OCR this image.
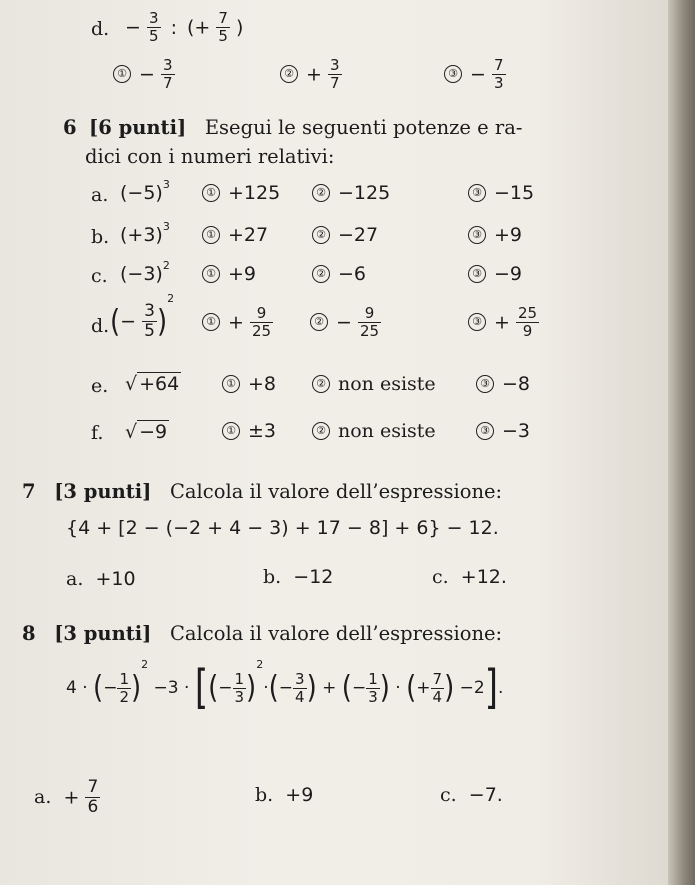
d. − $\frac{3}{5}$ : (+ $\frac{7}{5}$ )
① − $\frac{3}{7}$	② + $\frac{3}{7}$	③ − $\frac{7}{3}$
6 [6 punti] Esegui le seguenti potenze e ra-
dici con i numeri relativi:
a. $(-5)^3$
① +125	② −125	③ −15
b. $(+3)^3$
① +27	② −27	③ +9
c. $(-3)^2$
① +9	② −6	③ −9
d. (− $\frac{3}{5} )^2$
① + $\frac{9}{25}$	② − $\frac{9}{25}$	③ + $\frac{25}{9}$
e. √ +64	① +8	② non esiste	③ −8
f. √ −9	① ±3	② non esiste	③ −3
7 [3 punti] Calcola il valore dell’espressione:
{4 + [2 − (−2 + 4 − 3) + 17 − 8] + 6} − 12.
a. +10	b. −12	c. +12.
8 [3 punti] Calcola il valore dell’espressione:
4 · (− $\frac{1}{2} )^2 -3$ · [(− $\frac{1}{3} )^2\cdot(- \frac{3}{4}$ ) + (− $\frac{1}{3}$ ) · (+ $\frac{7}{4}$ ) −2].
a. + $\frac{7}{6}$	b. +9	c. −7.
